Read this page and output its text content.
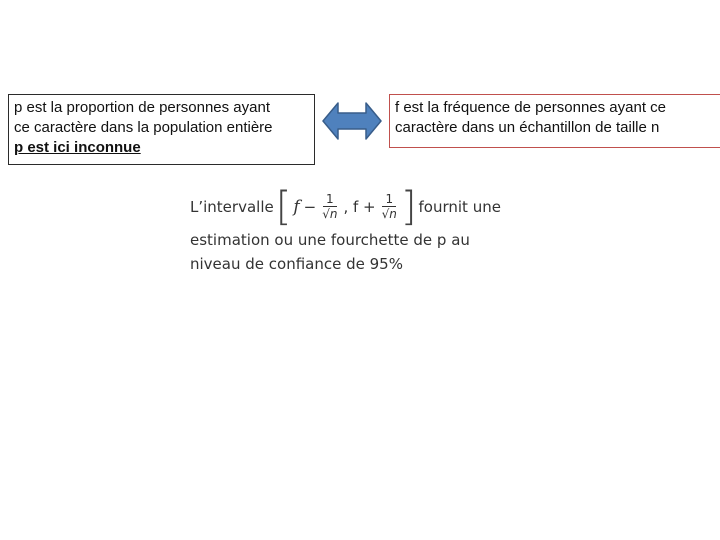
p est la proportion de personnes ayant
ce caractère dans la population entière
p est ici inconnue
f est la fréquence de personnes ayant ce
caractère dans un échantillon de taille n
L’intervalle [ $f - \frac{1}{√n}$ , $f + \frac{1}{√n}$ ] fournit une
estimation ou une fourchette de p au
niveau de confiance de 95%
